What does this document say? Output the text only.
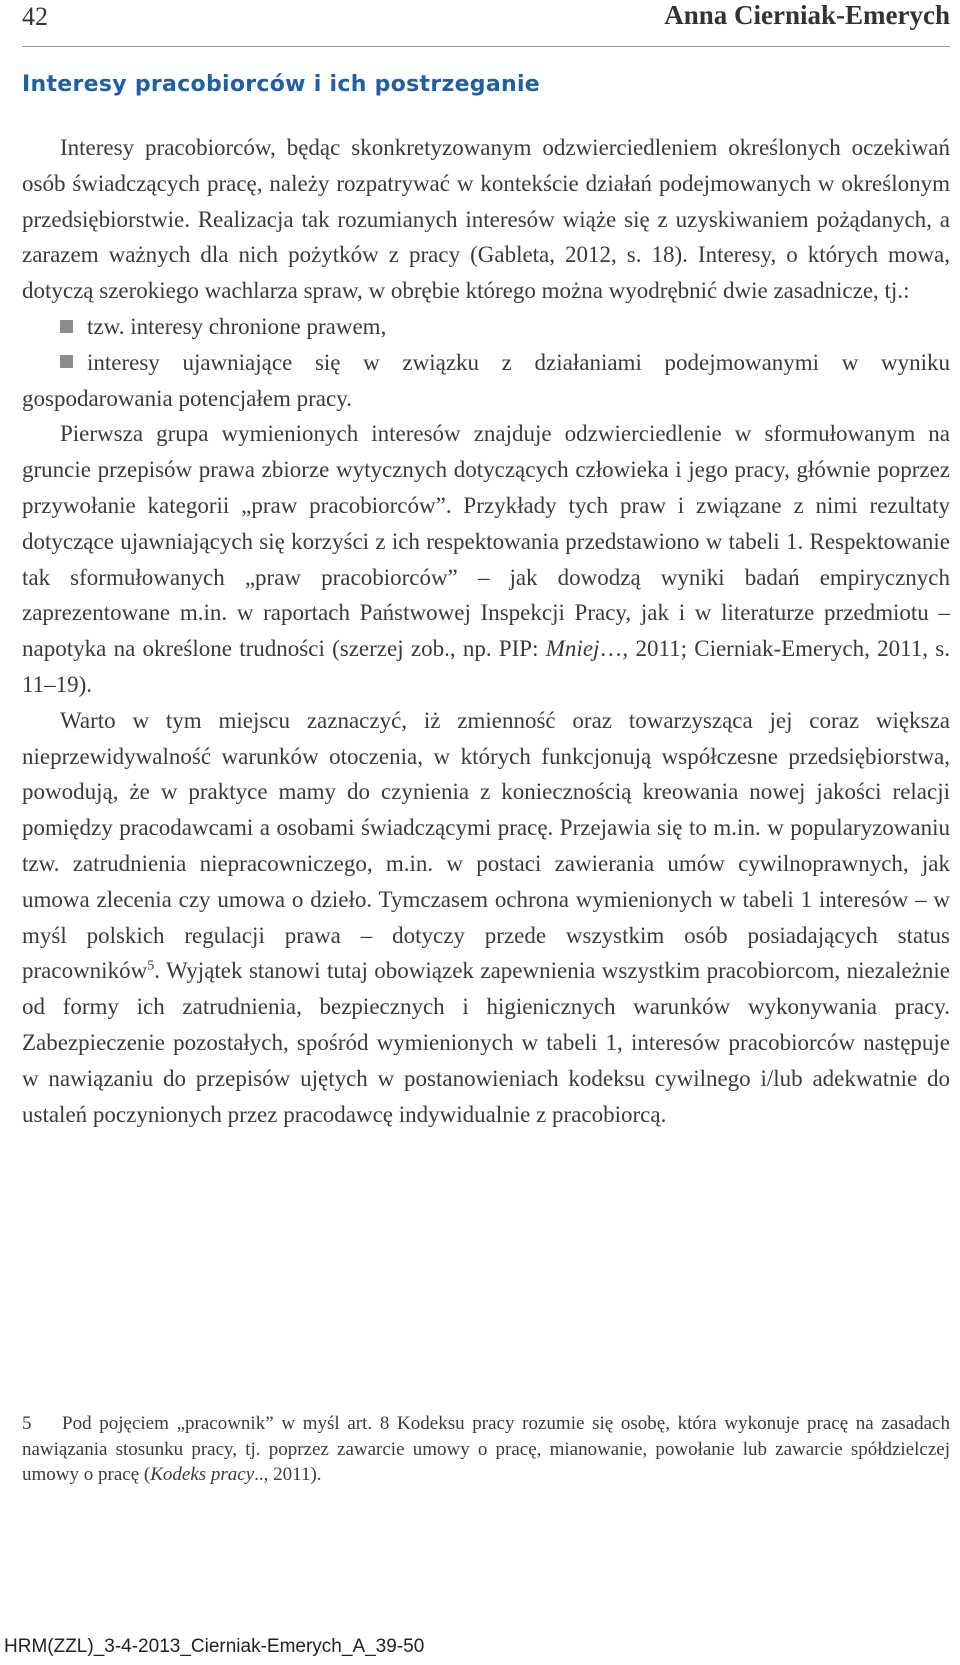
42	Anna Cierniak-Emerych
Interesy pracobiorców i ich postrzeganie

Interesy pracobiorców, będąc skonkretyzowanym odzwierciedleniem określonych oczekiwań osób świadczących pracę, należy rozpatrywać w kontekście działań podejmowanych w określonym przedsiębiorstwie. Realizacja tak rozumianych interesów wiąże się z uzyskiwaniem pożądanych, a zarazem ważnych dla nich pożytków z pracy (Gableta, 2012, s. 18). Interesy, o których mowa, dotyczą szerokiego wachlarza spraw, w obrębie którego można wyodrębnić dwie zasadnicze, tj.:

tzw. interesy chronione prawem,

interesy ujawniające się w związku z działaniami podejmowanymi w wyniku gospodarowania potencjałem pracy.

Pierwsza grupa wymienionych interesów znajduje odzwierciedlenie w sformułowanym na gruncie przepisów prawa zbiorze wytycznych dotyczących człowieka i jego pracy, głównie poprzez przywołanie kategorii „praw pracobiorców”. Przykłady tych praw i związane z nimi rezultaty dotyczące ujawniających się korzyści z ich respektowania przedstawiono w tabeli 1. Respektowanie tak sformułowanych „praw pracobiorców” – jak dowodzą wyniki badań empirycznych zaprezentowane m.in. w raportach Państwowej Inspekcji Pracy, jak i w literaturze przedmiotu – napotyka na określone trudności (szerzej zob., np. PIP: Mniej…, 2011; Cierniak-Emerych, 2011, s. 11–19).

Warto w tym miejscu zaznaczyć, iż zmienność oraz towarzysząca jej coraz większa nieprzewidywalność warunków otoczenia, w których funkcjonują współczesne przedsiębiorstwa, powodują, że w praktyce mamy do czynienia z koniecznością kreowania nowej jakości relacji pomiędzy pracodawcami a osobami świadczącymi pracę. Przejawia się to m.in. w popularyzowaniu tzw. zatrudnienia niepracowniczego, m.in. w postaci zawierania umów cywilnoprawnych, jak umowa zlecenia czy umowa o dzieło. Tymczasem ochrona wymienionych w tabeli 1 interesów – w myśl polskich regulacji prawa – dotyczy przede wszystkim osób posiadających status pracowników$^5$. Wyjątek stanowi tutaj obowiązek zapewnienia wszystkim pracobiorcom, niezależnie od formy ich zatrudnienia, bezpiecznych i higienicznych warunków wykonywania pracy. Zabezpieczenie pozostałych, spośród wymienionych w tabeli 1, interesów pracobiorców następuje w nawiązaniu do przepisów ujętych w postanowieniach kodeksu cywilnego i/lub adekwatnie do ustaleń poczynionych przez pracodawcę indywidualnie z pracobiorcą.

5 Pod pojęciem „pracownik” w myśl art. 8 Kodeksu pracy rozumie się osobę, która wykonuje pracę na zasadach nawiązania stosunku pracy, tj. poprzez zawarcie umowy o pracę, mianowanie, powołanie lub zawarcie spółdzielczej umowy o pracę (Kodeks pracy.., 2011).
HRM(ZZL)_3-4-2013_Cierniak-Emerych_A_39-50
